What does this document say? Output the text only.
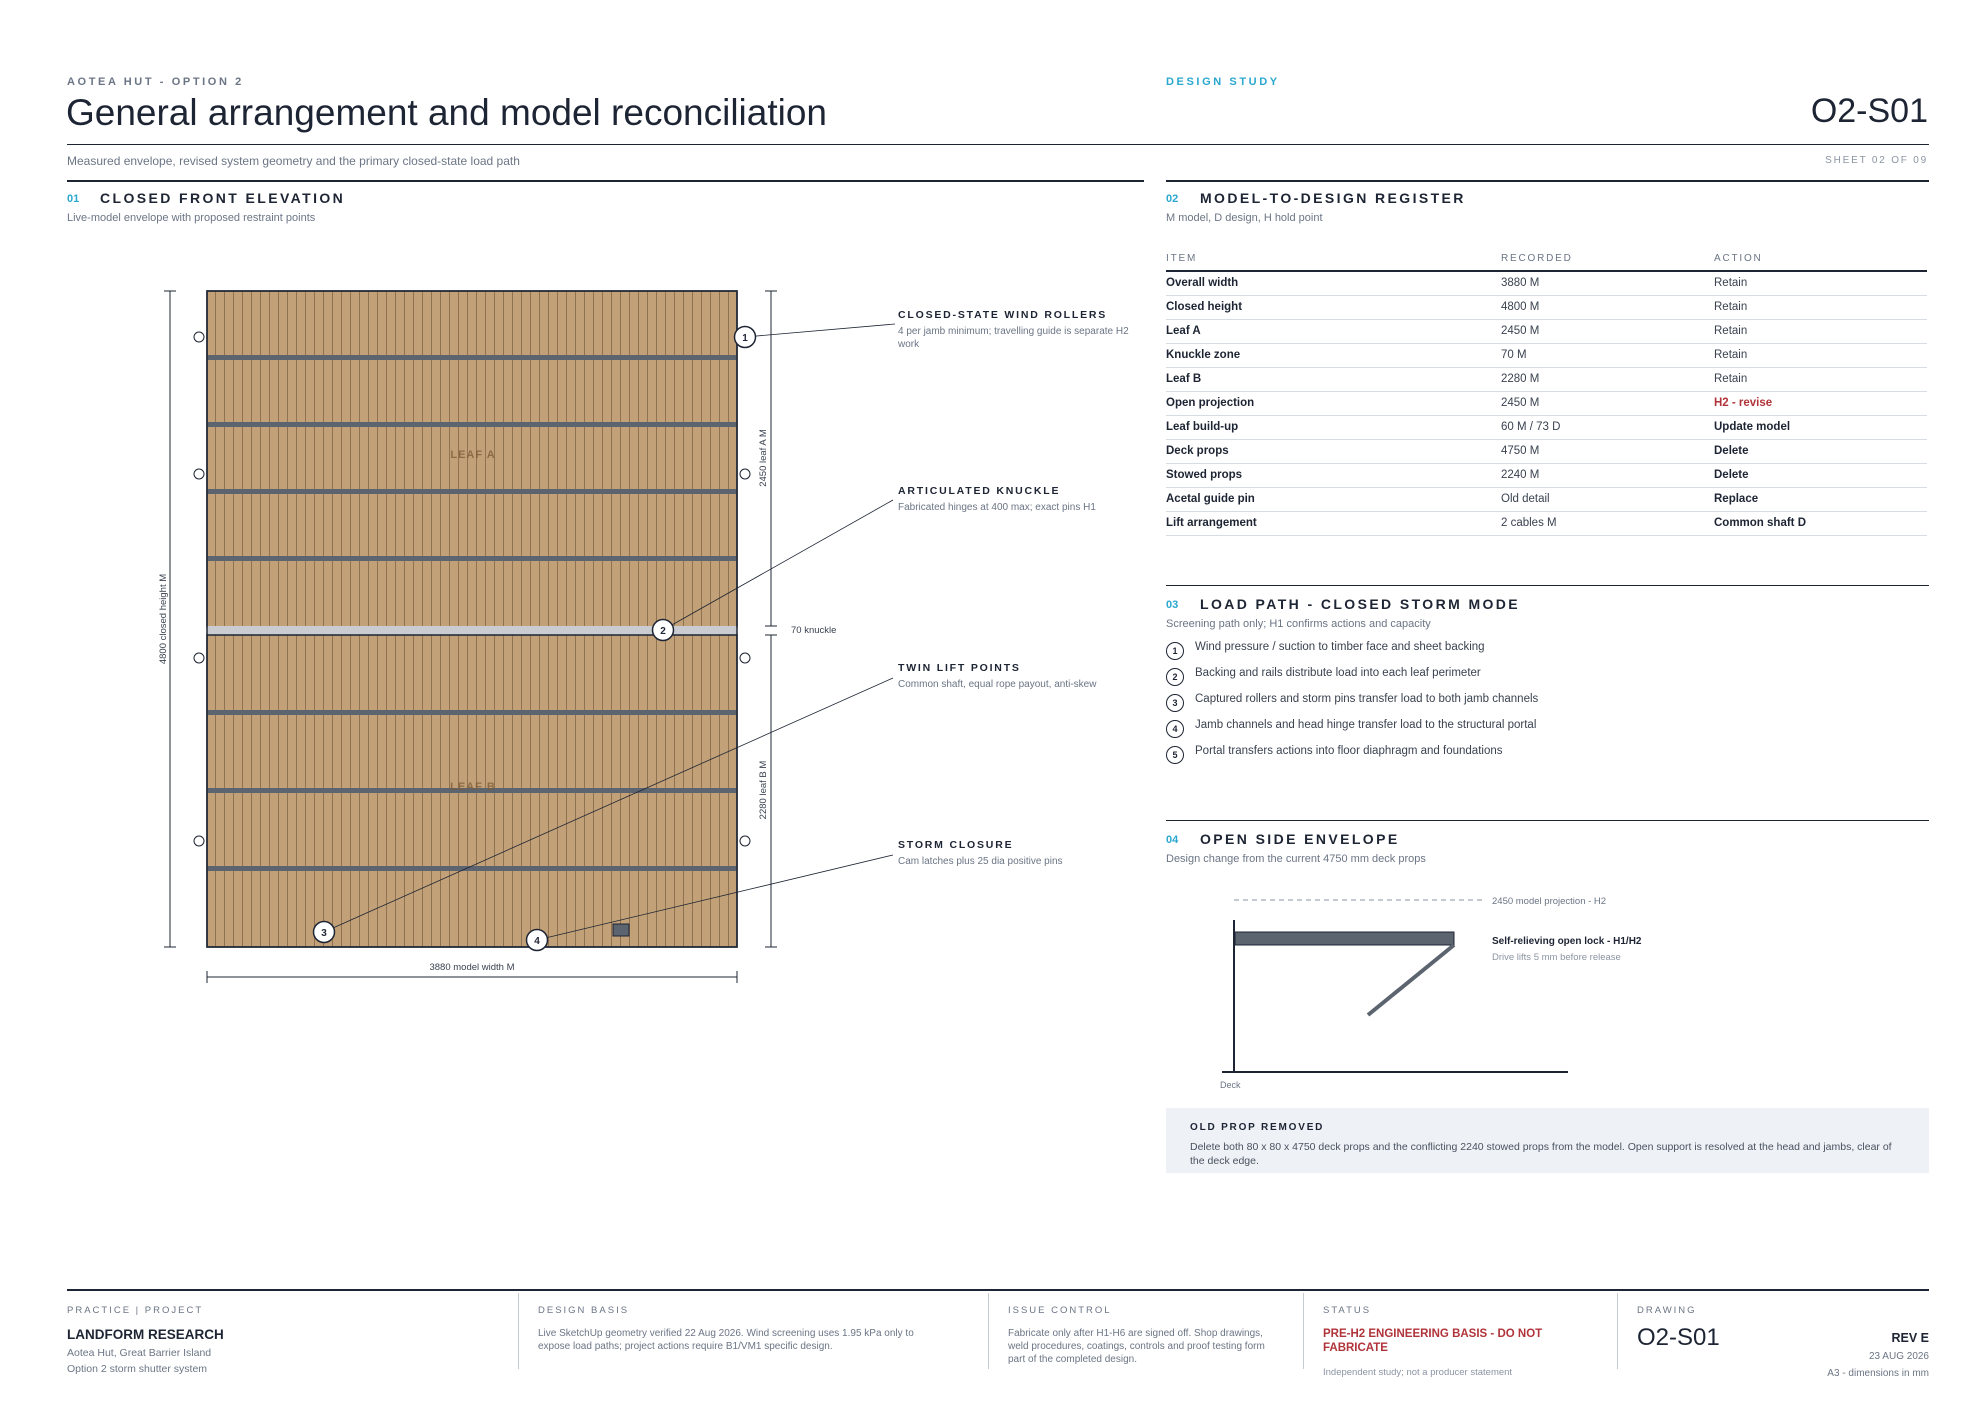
AOTEA HUT - OPTION 2	DESIGN STUDY
General arrangement and model reconciliation	O2-S01
Measured envelope, revised system geometry and the primary closed-state load path	SHEET 02 OF 09
01 CLOSED FRONT ELEVATION
Live-model envelope with proposed restraint points
1
2
3
4
LEAF A
LEAF B
4800 closed height M
2450 leaf A M
2280 leaf B M
70 knuckle
3880 model width M
CLOSED-STATE WIND ROLLERS
4 per jamb minimum; travelling guide is separate H2 work
ARTICULATED KNUCKLE
Fabricated hinges at 400 max; exact pins H1
TWIN LIFT POINTS
Common shaft, equal rope payout, anti-skew
STORM CLOSURE
Cam latches plus 25 dia positive pins
02 MODEL-TO-DESIGN REGISTER
M model, D design, H hold point
ITEM	RECORDED	ACTION
Overall width	3880 M	Retain
Closed height	4800 M	Retain
Leaf A	2450 M	Retain
Knuckle zone	70 M	Retain
Leaf B	2280 M	Retain
Open projection	2450 M	H2 - revise
Leaf build-up	60 M / 73 D	Update model
Deck props	4750 M	Delete
Stowed props	2240 M	Delete
Acetal guide pin	Old detail	Replace
Lift arrangement	2 cables M	Common shaft D
03 LOAD PATH - CLOSED STORM MODE
Screening path only; H1 confirms actions and capacity
1	Wind pressure / suction to timber face and sheet backing
2	Backing and rails distribute load into each leaf perimeter
3	Captured rollers and storm pins transfer load to both jamb channels
4	Jamb channels and head hinge transfer load to the structural portal
5	Portal transfers actions into floor diaphragm and foundations
04 OPEN SIDE ENVELOPE
Design change from the current 4750 mm deck props
2450 model projection - H2
Self-relieving open lock - H1/H2
Drive lifts 5 mm before release
Deck
OLD PROP REMOVED
Delete both 80 x 80 x 4750 deck props and the conflicting 2240 stowed props from the model. Open support is resolved at the head and jambs, clear of the deck edge.
PRACTICE | PROJECT
LANDFORM RESEARCH
Aotea Hut, Great Barrier Island
Option 2 storm shutter system
DESIGN BASIS
Live SketchUp geometry verified 22 Aug 2026. Wind screening uses 1.95 kPa only to expose load paths; project actions require B1/VM1 specific design.
ISSUE CONTROL
Fabricate only after H1-H6 are signed off. Shop drawings, weld procedures, coatings, controls and proof testing form part of the completed design.
STATUS
PRE-H2 ENGINEERING BASIS - DO NOT FABRICATE
Independent study; not a producer statement
DRAWING
O2-S01	REV E
23 AUG 2026
A3 - dimensions in mm
